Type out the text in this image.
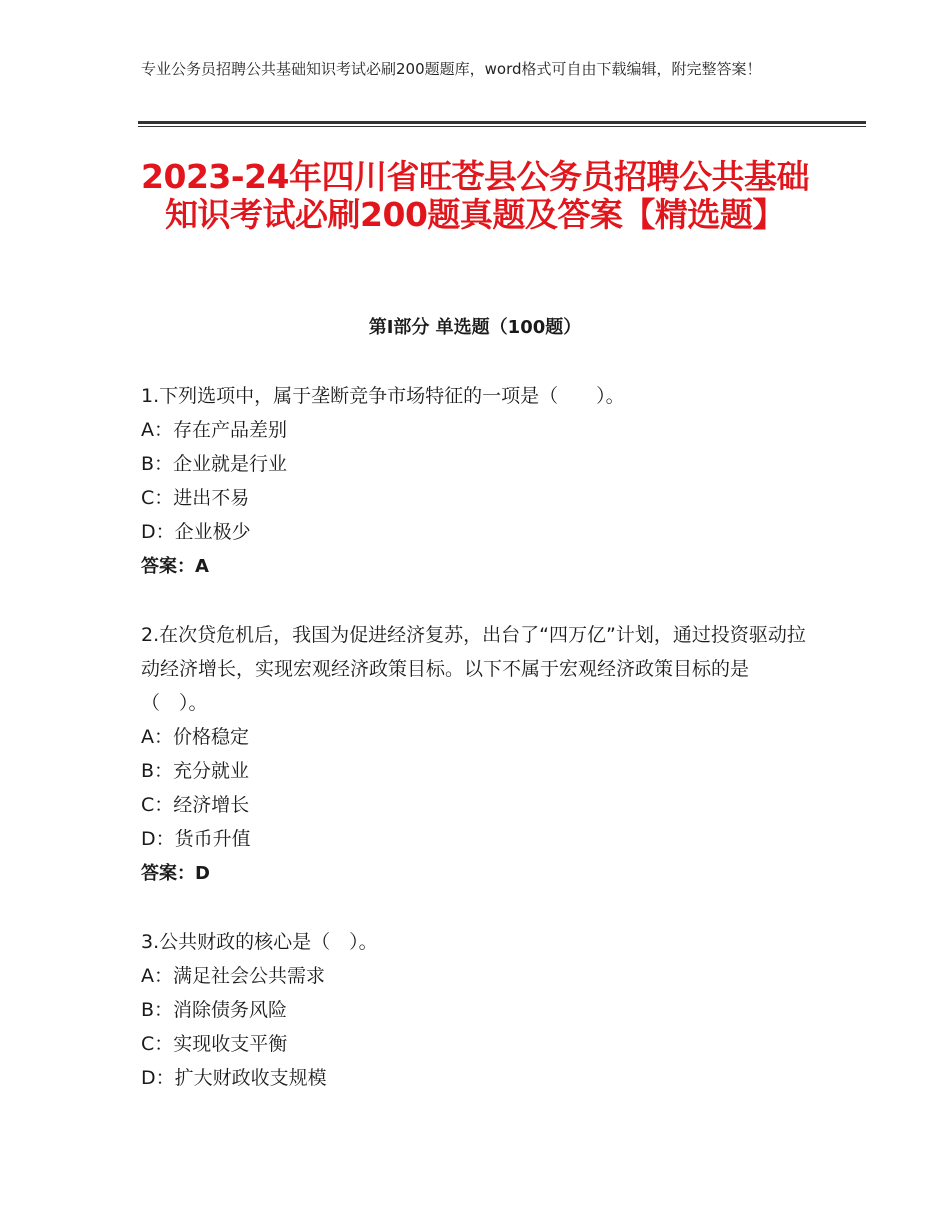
专业公务员招聘公共基础知识考试必刷200题题库，word格式可自由下载编辑，附完整答案！
2023-24年四川省旺苍县公务员招聘公共基础知识考试必刷200题真题及答案【精选题】
第I部分 单选题（100题）
1.下列选项中，属于垄断竞争市场特征的一项是（　　）。
A：存在产品差别
B：企业就是行业
C：进出不易
D：企业极少
答案：A
2.在次贷危机后，我国为促进经济复苏，出台了“四万亿”计划，通过投资驱动拉动经济增长，实现宏观经济政策目标。以下不属于宏观经济政策目标的是（　）。
A：价格稳定
B：充分就业
C：经济增长
D：货币升值
答案：D
3.公共财政的核心是（　）。
A：满足社会公共需求
B：消除债务风险
C：实现收支平衡
D：扩大财政收支规模
